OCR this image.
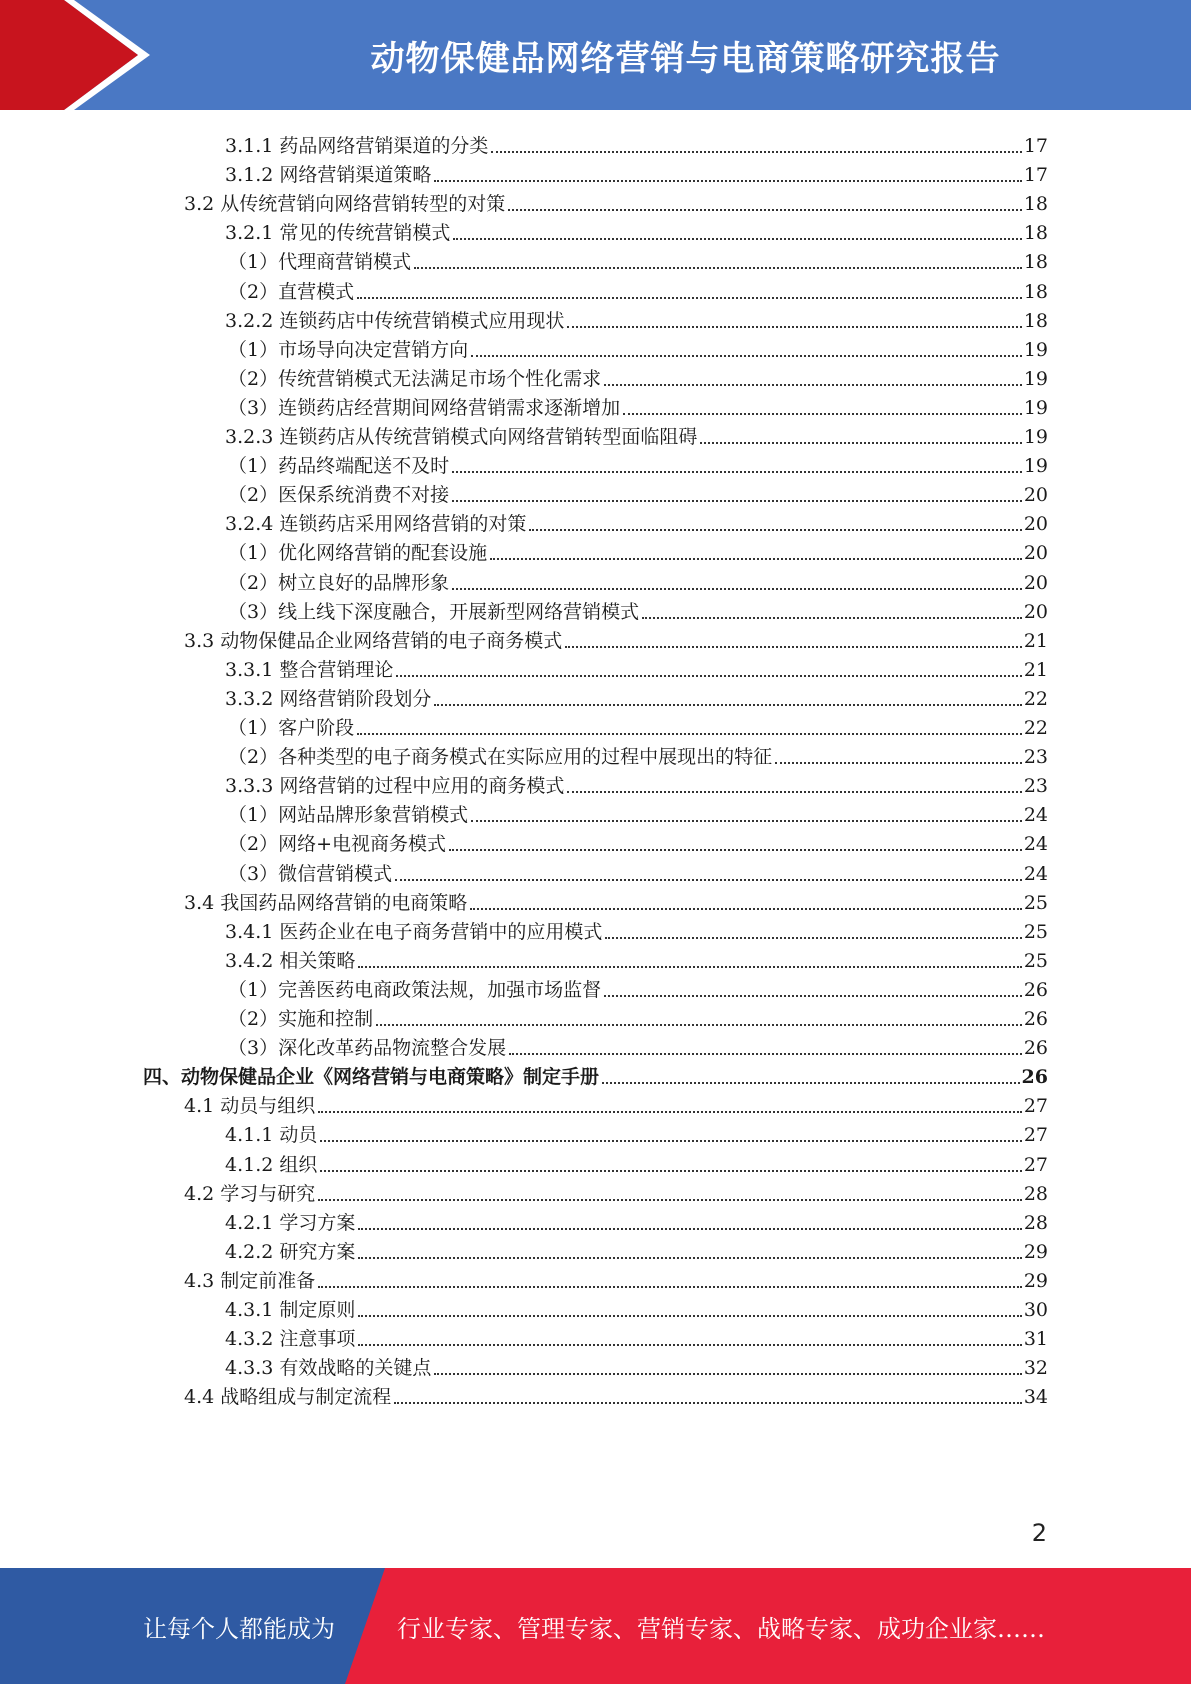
动物保健品网络营销与电商策略研究报告
3.1.1 药品网络营销渠道的分类	17
3.1.2 网络营销渠道策略	17
3.2 从传统营销向网络营销转型的对策	18
3.2.1 常见的传统营销模式	18
（1）代理商营销模式	18
（2）直营模式	18
3.2.2 连锁药店中传统营销模式应用现状	18
（1）市场导向决定营销方向	19
（2）传统营销模式无法满足市场个性化需求	19
（3）连锁药店经营期间网络营销需求逐渐增加	19
3.2.3 连锁药店从传统营销模式向网络营销转型面临阻碍	19
（1）药品终端配送不及时	19
（2）医保系统消费不对接	20
3.2.4 连锁药店采用网络营销的对策	20
（1）优化网络营销的配套设施	20
（2）树立良好的品牌形象	20
（3）线上线下深度融合，开展新型网络营销模式	20
3.3 动物保健品企业网络营销的电子商务模式	21
3.3.1 整合营销理论	21
3.3.2 网络营销阶段划分	22
（1）客户阶段	22
（2）各种类型的电子商务模式在实际应用的过程中展现出的特征	23
3.3.3 网络营销的过程中应用的商务模式	23
（1）网站品牌形象营销模式	24
（2）网络+电视商务模式	24
（3）微信营销模式	24
3.4 我国药品网络营销的电商策略	25
3.4.1 医药企业在电子商务营销中的应用模式	25
3.4.2 相关策略	25
（1）完善医药电商政策法规，加强市场监督	26
（2）实施和控制	26
（3）深化改革药品物流整合发展	26
四、动物保健品企业《网络营销与电商策略》制定手册	26
4.1 动员与组织	27
4.1.1 动员	27
4.1.2 组织	27
4.2 学习与研究	28
4.2.1 学习方案	28
4.2.2 研究方案	29
4.3 制定前准备	29
4.3.1 制定原则	30
4.3.2 注意事项	31
4.3.3 有效战略的关键点	32
4.4 战略组成与制定流程	34
2
让每个人都能成为	行业专家、管理专家、营销专家、战略专家、成功企业家……
